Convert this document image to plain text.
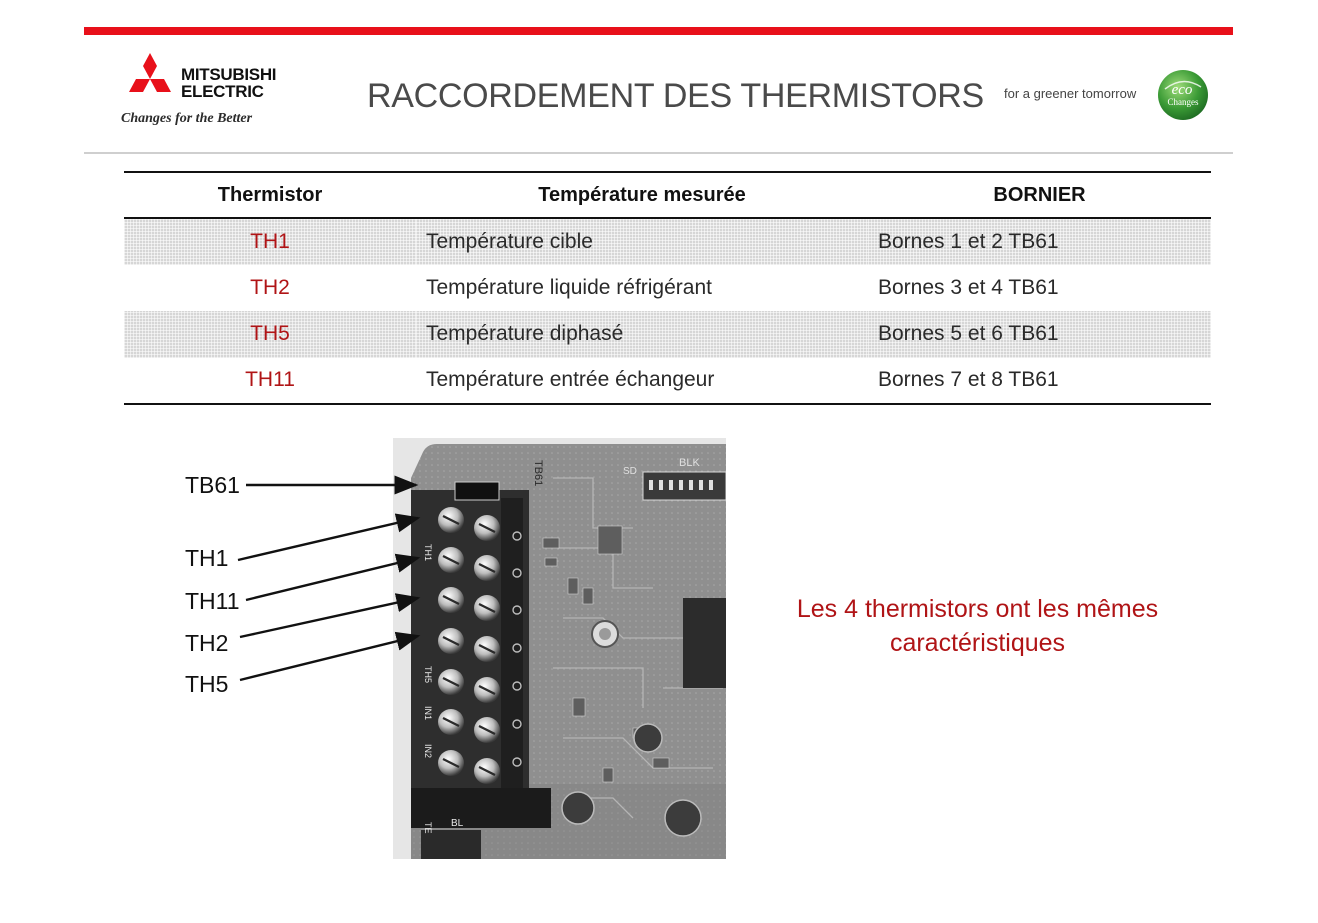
MITSUBISHI
ELECTRIC
Changes for the Better
RACCORDEMENT DES THERMISTORS for a greener tomorrow eco
Changes
Thermistor	Température mesurée	BORNIER
TH1	Température cible	Bornes 1 et 2 TB61
TH2	Température liquide réfrigérant	Bornes 3 et 4 TB61
TH5	Température diphasé	Bornes 5 et 6 TB61
TH11	Température entrée échangeur	Bornes 7 et 8 TB61
TB61	SD
BLK
TH1
TH5
IN1
IN2
TE BL
TB61
TH1
TH11
TH2
TH5
Les 4 thermistors ont les mêmes
caractéristiques
